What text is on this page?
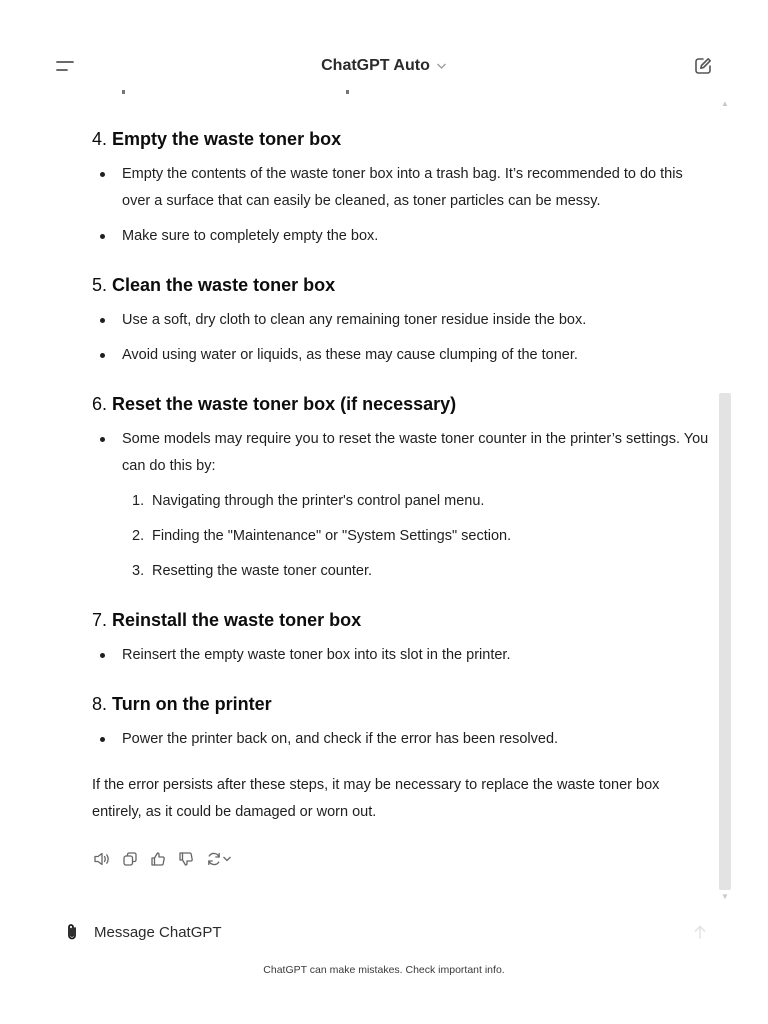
ChatGPT Auto
▲
▼
4. Empty the waste toner box
Empty the contents of the waste toner box into a trash bag. It’s recommended to do this over a surface that can easily be cleaned, as toner particles can be messy.
Make sure to completely empty the box.
5. Clean the waste toner box
Use a soft, dry cloth to clean any remaining toner residue inside the box.
Avoid using water or liquids, as these may cause clumping of the toner.
6. Reset the waste toner box (if necessary)
Some models may require you to reset the waste toner counter in the printer’s settings. You can do this by:
1. Navigating through the printer's control panel menu.
2. Finding the "Maintenance" or "System Settings" section.
3. Resetting the waste toner counter.
7. Reinstall the waste toner box
Reinsert the empty waste toner box into its slot in the printer.
8. Turn on the printer
Power the printer back on, and check if the error has been resolved.

If the error persists after these steps, it may be necessary to replace the waste toner box entirely, as it could be damaged or worn out.

Message ChatGPT
ChatGPT can make mistakes. Check important info.
